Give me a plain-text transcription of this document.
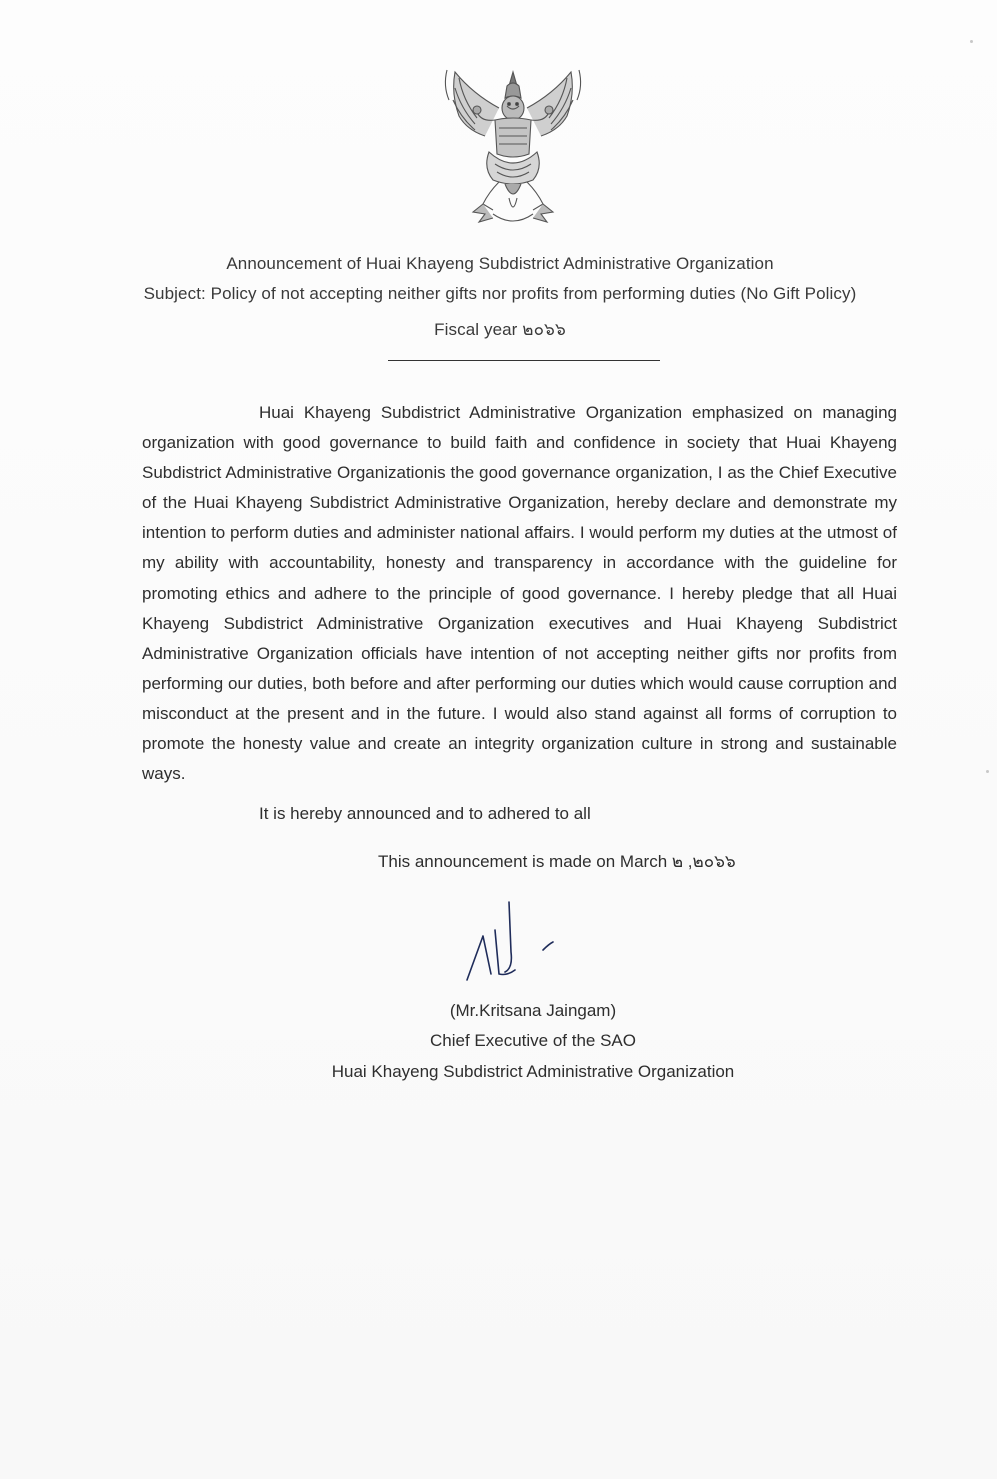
Announcement of Huai Khayeng Subdistrict Administrative Organization
Subject: Policy of not accepting neither gifts nor profits from performing duties (No Gift Policy)
Fiscal year ๒๐๖๖
Huai Khayeng Subdistrict Administrative Organization emphasized on managing organization with good governance to build faith and confidence in society that Huai Khayeng Subdistrict Administrative Organizationis the good governance organization, I as the Chief Executive of the Huai Khayeng Subdistrict Administrative Organization, hereby declare and demonstrate my intention to perform duties and administer national affairs. I would perform my duties at the utmost of my ability with accountability, honesty and transparency in accordance with the guideline for promoting ethics and adhere to the principle of good governance. I hereby pledge that all Huai Khayeng Subdistrict Administrative Organization executives and Huai Khayeng Subdistrict Administrative Organization officials have intention of not accepting neither gifts nor profits from performing our duties, both before and after performing our duties which would cause corruption and misconduct at the present and in the future. I would also stand against all forms of corruption to promote the honesty value and create an integrity organization culture in strong and sustainable ways.
It is hereby announced and to adhered to all
This announcement is made on March ๒ ,๒๐๖๖
(Mr.Kritsana Jaingam)
Chief Executive of the SAO
Huai Khayeng Subdistrict Administrative Organization
